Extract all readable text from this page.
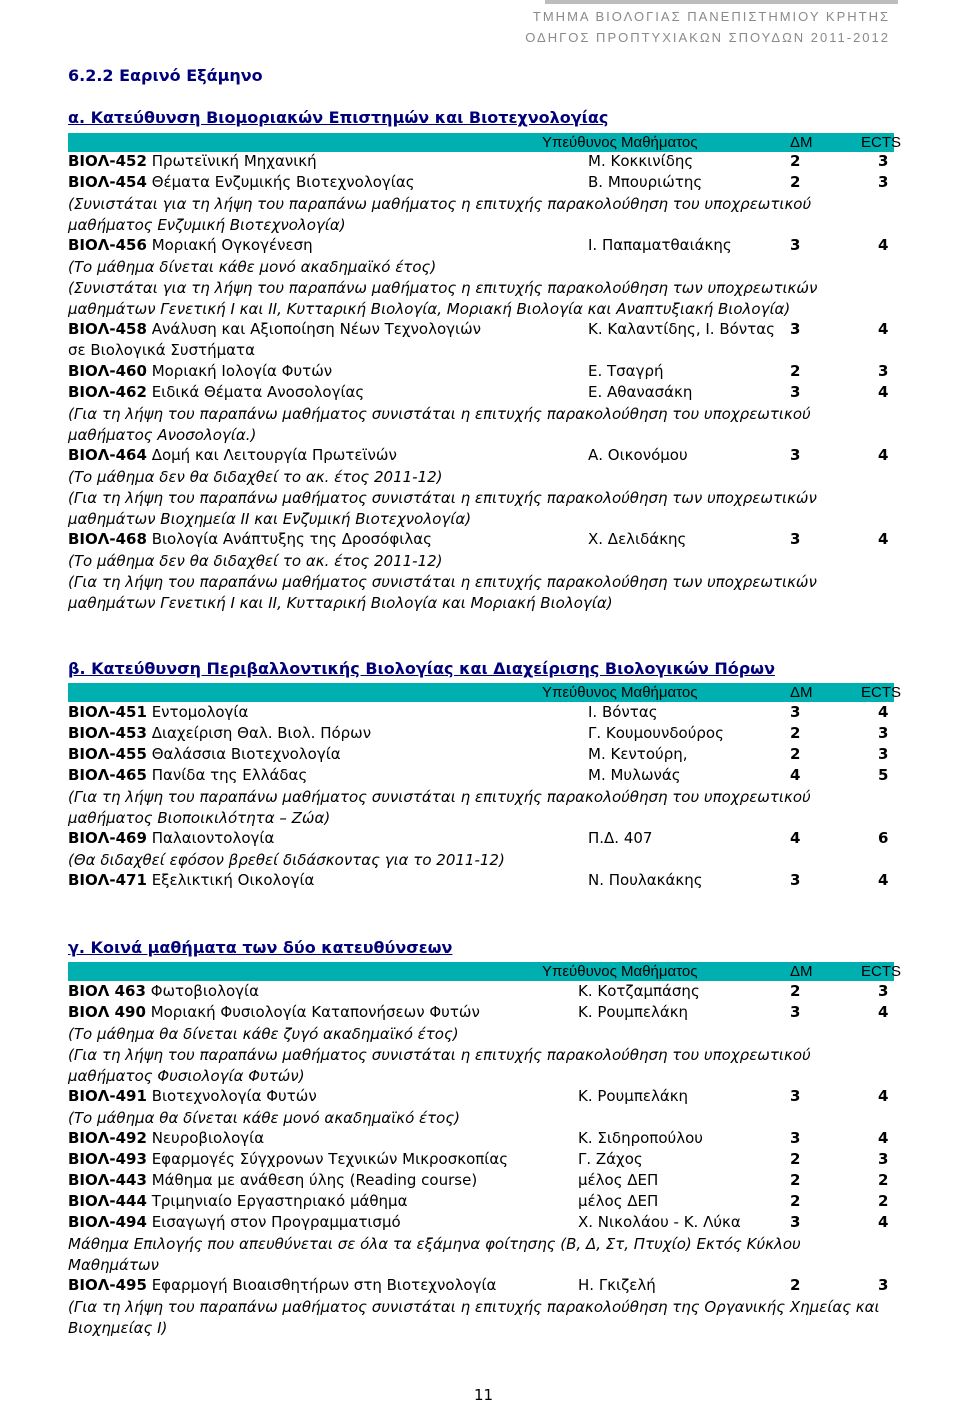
ΤΜΗΜΑ ΒΙΟΛΟΓΙΑΣ ΠΑΝΕΠΙΣΤΗΜΙΟΥ ΚΡΗΤΗΣ
ΟΔΗΓΟΣ ΠΡΟΠΤΥΧΙΑΚΩΝ ΣΠΟΥΔΩΝ 2011-2012
6.2.2 Εαρινό Εξάμηνο
α. Κατεύθυνση Βιομοριακών Επιστημών και Βιοτεχνολογίας
Υπεύθυνος Μαθήματος	ΔΜ	ECTS
ΒΙΟΛ-452 Πρωτεϊνική Μηχανική	Μ. Κοκκινίδης	2	3
ΒΙΟΛ-454 Θέματα Ενζυμικής Βιοτεχνολογίας	Β. Μπουριώτης	2	3
(Συνιστάται για τη λήψη του παραπάνω μαθήματος η επιτυχής παρακολούθηση του υποχρεωτικού μαθήματος Ενζυμική Βιοτεχνολογία)
ΒΙΟΛ-456 Μοριακή Ογκογένεση	Ι. Παπαματθαιάκης	3	4
(Το μάθημα δίνεται κάθε μονό ακαδημαϊκό έτος)
(Συνιστάται για τη λήψη του παραπάνω μαθήματος η επιτυχής παρακολούθηση των υποχρεωτικών μαθημάτων Γενετική Ι και ΙΙ, Κυτταρική Βιολογία, Μοριακή Βιολογία και Αναπτυξιακή Βιολογία)
ΒΙΟΛ-458 Ανάλυση και Αξιοποίηση Νέων Τεχνολογιών	Κ. Καλαντίδης, Ι. Βόντας 3	4
σε Βιολογικά Συστήματα
ΒΙΟΛ-460 Μοριακή Ιολογία Φυτών	Ε. Τσαγρή	2	3
ΒΙΟΛ-462 Ειδικά Θέματα Ανοσολογίας	Ε. Αθανασάκη	3	4
(Για τη λήψη του παραπάνω μαθήματος συνιστάται η επιτυχής παρακολούθηση του υποχρεωτικού μαθήματος Ανοσολογία.)
ΒΙΟΛ-464 Δομή και Λειτουργία Πρωτεϊνών	Α. Οικονόμου	3	4
(Το μάθημα δεν θα διδαχθεί το ακ. έτος 2011-12)
(Για τη λήψη του παραπάνω μαθήματος συνιστάται η επιτυχής παρακολούθηση των υποχρεωτικών μαθημάτων Βιοχημεία ΙΙ και Ενζυμική Βιοτεχνολογία)
ΒΙΟΛ-468 Βιολογία Ανάπτυξης της Δροσόφιλας	Χ. Δελιδάκης	3	4
(Το μάθημα δεν θα διδαχθεί το ακ. έτος 2011-12)
(Για τη λήψη του παραπάνω μαθήματος συνιστάται η επιτυχής παρακολούθηση των υποχρεωτικών μαθημάτων Γενετική Ι και ΙΙ, Κυτταρική Βιολογία και Μοριακή Βιολογία)
β. Κατεύθυνση Περιβαλλοντικής Βιολογίας και Διαχείρισης Βιολογικών Πόρων
Υπεύθυνος Μαθήματος	ΔΜ	ECTS
ΒΙΟΛ-451 Εντομολογία	Ι. Βόντας	3	4
ΒΙΟΛ-453 Διαχείριση Θαλ. Βιολ. Πόρων	Γ. Κουμουνδούρος	2	3
ΒΙΟΛ-455 Θαλάσσια Βιοτεχνολογία	Μ. Κεντούρη,	2	3
ΒΙΟΛ-465 Πανίδα της Ελλάδας	Μ. Μυλωνάς	4	5
(Για τη λήψη του παραπάνω μαθήματος συνιστάται η επιτυχής παρακολούθηση του υποχρεωτικού μαθήματος Βιοποικιλότητα – Ζώα)
ΒΙΟΛ-469 Παλαιοντολογία	Π.Δ. 407	4	6
(Θα διδαχθεί εφόσον βρεθεί διδάσκοντας για το 2011-12)
ΒΙΟΛ-471 Εξελικτική Οικολογία	Ν. Πουλακάκης	3	4
γ. Κοινά μαθήματα των δύο κατευθύνσεων
Υπεύθυνος Μαθήματος	ΔΜ	ECTS
ΒΙΟΛ 463 Φωτοβιολογία	Κ. Κοτζαμπάσης	2	3
ΒΙΟΛ 490 Μοριακή Φυσιολογία Καταπονήσεων Φυτών	Κ. Ρουμπελάκη	3	4
(Το μάθημα θα δίνεται κάθε ζυγό ακαδημαϊκό έτος)
(Για τη λήψη του παραπάνω μαθήματος συνιστάται η επιτυχής παρακολούθηση του υποχρεωτικού μαθήματος Φυσιολογία Φυτών)
ΒΙΟΛ-491 Βιοτεχνολογία Φυτών	Κ. Ρουμπελάκη	3	4
(Το μάθημα θα δίνεται κάθε μονό ακαδημαϊκό έτος)
ΒΙΟΛ-492 Νευροβιολογία	Κ. Σιδηροπούλου	3	4
ΒΙΟΛ-493 Εφαρμογές Σύγχρονων Τεχνικών Μικροσκοπίας	Γ. Ζάχος	2	3
ΒΙΟΛ-443 Μάθημα με ανάθεση ύλης (Reading course)	μέλος ΔΕΠ	2	2
ΒΙΟΛ-444 Τριμηνιαίο Εργαστηριακό μάθημα	μέλος ΔΕΠ	2	2
ΒΙΟΛ-494 Εισαγωγή στον Προγραμματισμό	Χ. Νικολάου - Κ. Λύκα	3	4
Μάθημα Επιλογής που απευθύνεται σε όλα τα εξάμηνα φοίτησης (Β, Δ, Στ, Πτυχίο) Εκτός Κύκλου Μαθημάτων
ΒΙΟΛ-495 Εφαρμογή Βιοαισθητήρων στη Βιοτεχνολογία	Η. Γκιζελή	2	3
(Για τη λήψη του παραπάνω μαθήματος συνιστάται η επιτυχής παρακολούθηση της Οργανικής Χημείας και Βιοχημείας Ι)
11
